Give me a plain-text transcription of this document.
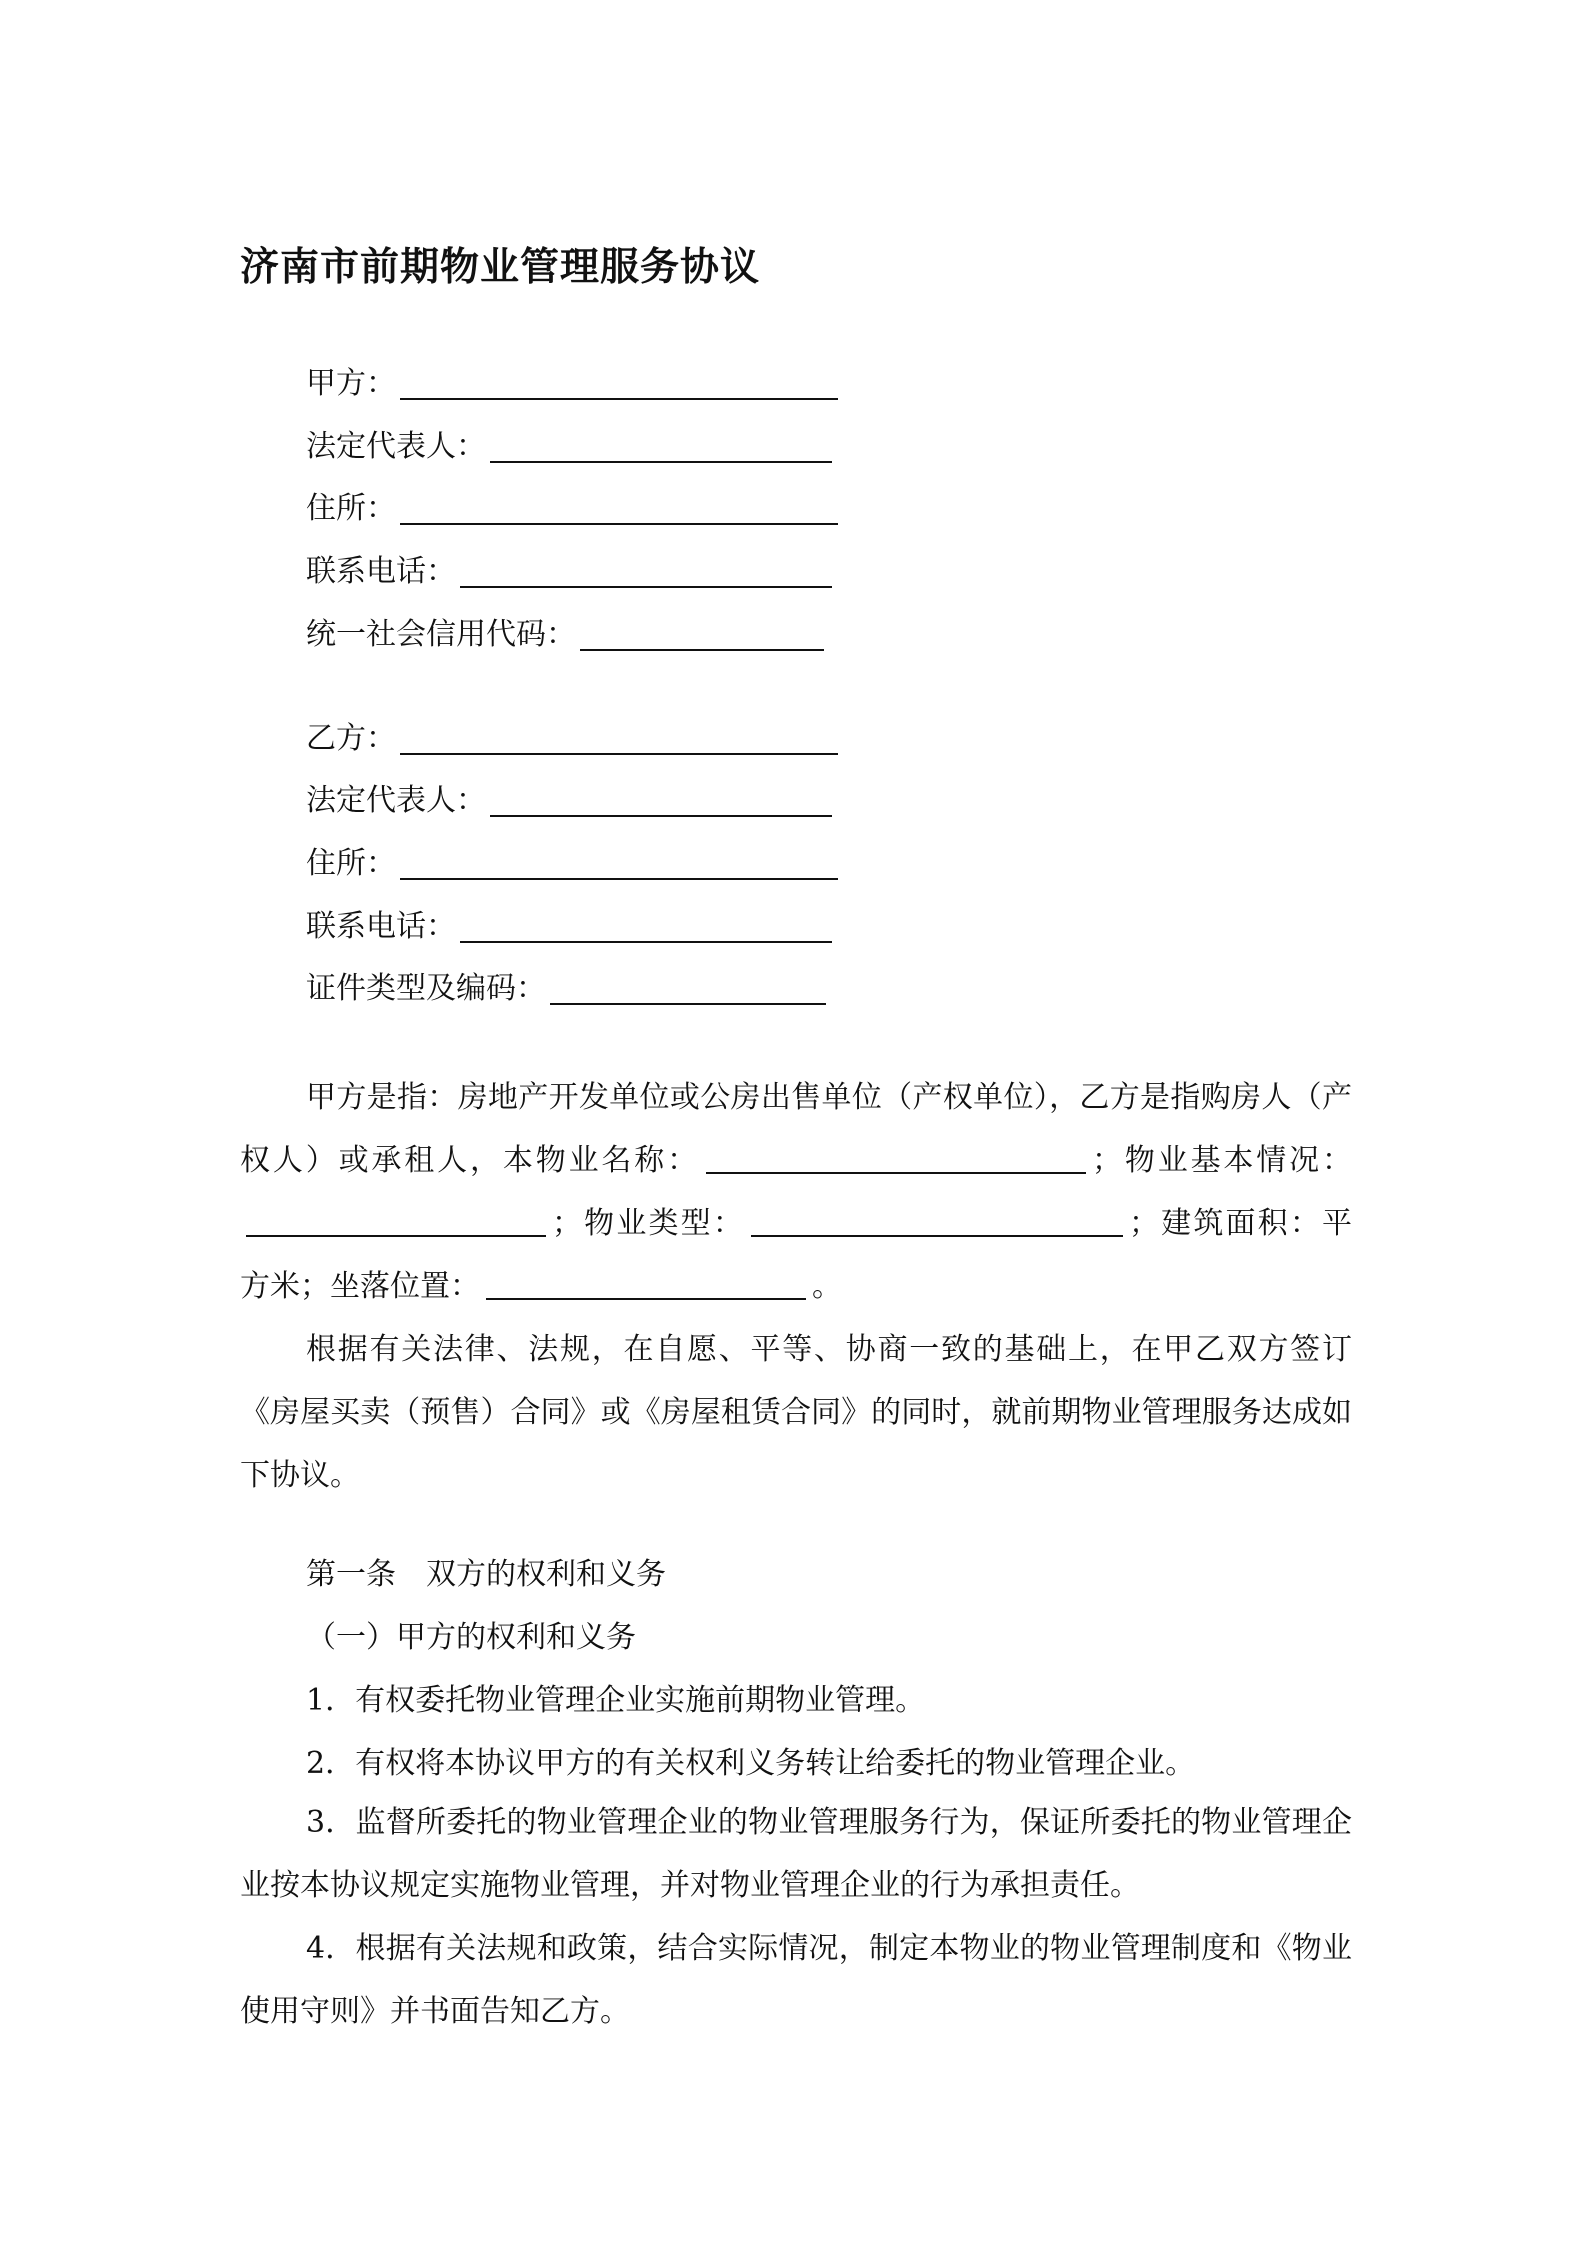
济南市前期物业管理服务协议
甲方：
法定代表人：
住所：
联系电话：
统一社会信用代码：
乙方：
法定代表人：
住所：
联系电话：
证件类型及编码：

甲方是指：房地产开发单位或公房出售单位（产权单位），乙方是指购房人（产权人）或承租人，本物业名称：	；物业基本情况：；物业类型：	；建筑面积：平方米；坐落位置：	。

根据有关法律、法规，在自愿、平等、协商一致的基础上，在甲乙双方签订《房屋买卖（预售）合同》或《房屋租赁合同》的同时，就前期物业管理服务达成如下协议。

第一条　双方的权利和义务
（一）甲方的权利和义务
1．有权委托物业管理企业实施前期物业管理。
2．有权将本协议甲方的有关权利义务转让给委托的物业管理企业。

3．监督所委托的物业管理企业的物业管理服务行为，保证所委托的物业管理企业按本协议规定实施物业管理，并对物业管理企业的行为承担责任。

4．根据有关法规和政策，结合实际情况，制定本物业的物业管理制度和《物业使用守则》并书面告知乙方。
